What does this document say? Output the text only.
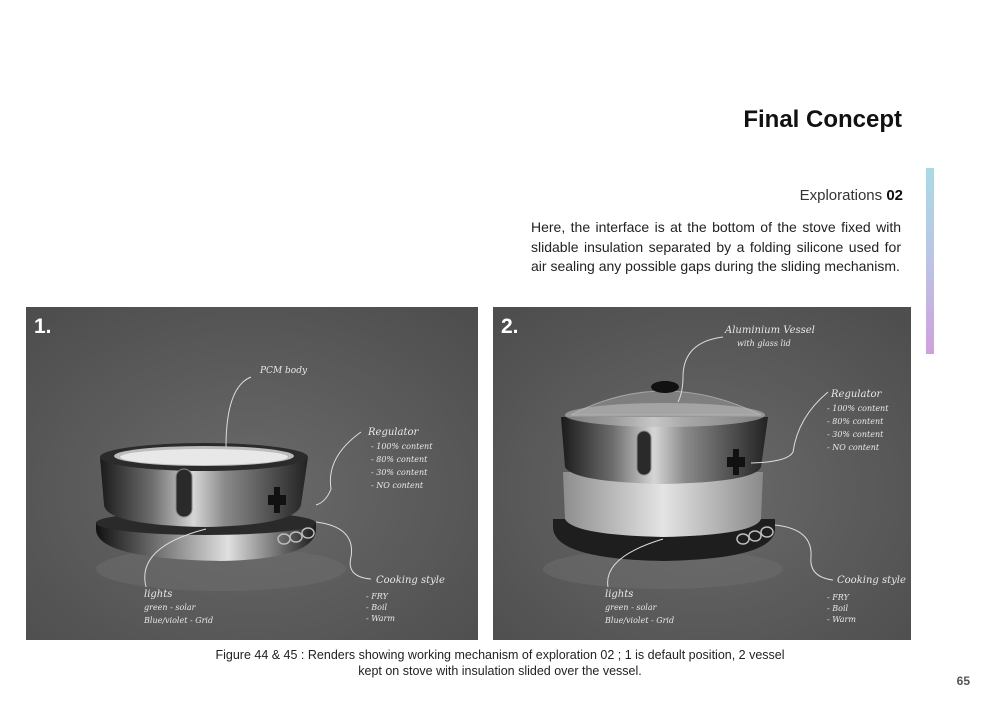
Final Concept
Explorations 02

Here, the interface is at the bottom of the stove fixed with slidable insulation separated by a folding silicone used for air sealing any possible gaps during the sliding mechanism.

PCM body
Regulator
- 100% content
- 80% content
- 30% content
- NO content
lights
green - solar
Blue/violet - Grid
Cooking style
- FRY
- Boil
- Warm
1.	Aluminium Vessel
with glass lid
Regulator
- 100% content
- 80% content
- 30% content
- NO content
lights
green - solar
Blue/violet - Grid
Cooking style
- FRY
- Boil
- Warm
2.

Figure 44 & 45 : Renders showing working mechanism of exploration 02 ; 1 is default position, 2 vessel
kept on stove with insulation slided over the vessel.

65
